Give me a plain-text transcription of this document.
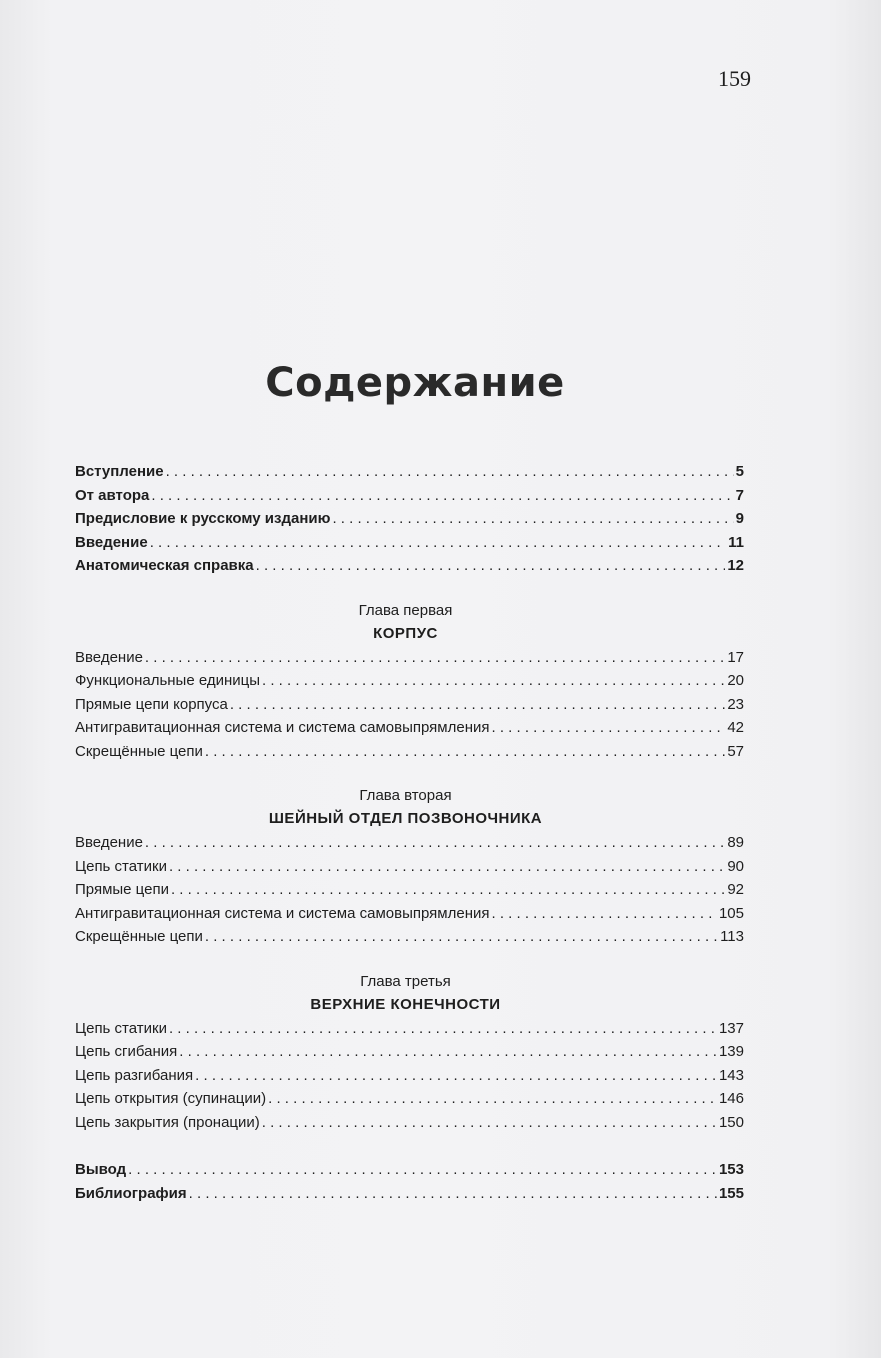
159
Содержание
Вступление . . .	5
От автора . . .	7
Предисловие к русскому изданию . . .	9
Введение . . .	11
Анатомическая справка . . .	12
Глава первая
КОРПУС
Введение . . .	17
Функциональные единицы . . .	20
Прямые цепи корпуса . . .	23
Антигравитационная система и система самовыпрямления . . .	42
Скрещённые цепи . . .	57
Глава вторая
ШЕЙНЫЙ ОТДЕЛ ПОЗВОНОЧНИКА
Введение . . .	89
Цепь статики . . .	90
Прямые цепи . . .	92
Антигравитационная система и система самовыпрямления . . .	105
Скрещённые цепи . . .	113
Глава третья
ВЕРХНИЕ КОНЕЧНОСТИ
Цепь статики . . .	137
Цепь сгибания . . .	139
Цепь разгибания . . .	143
Цепь открытия (супинации) . . .	146
Цепь закрытия (пронации) . . .	150
Вывод . . .	153
Библиография . . .	155
